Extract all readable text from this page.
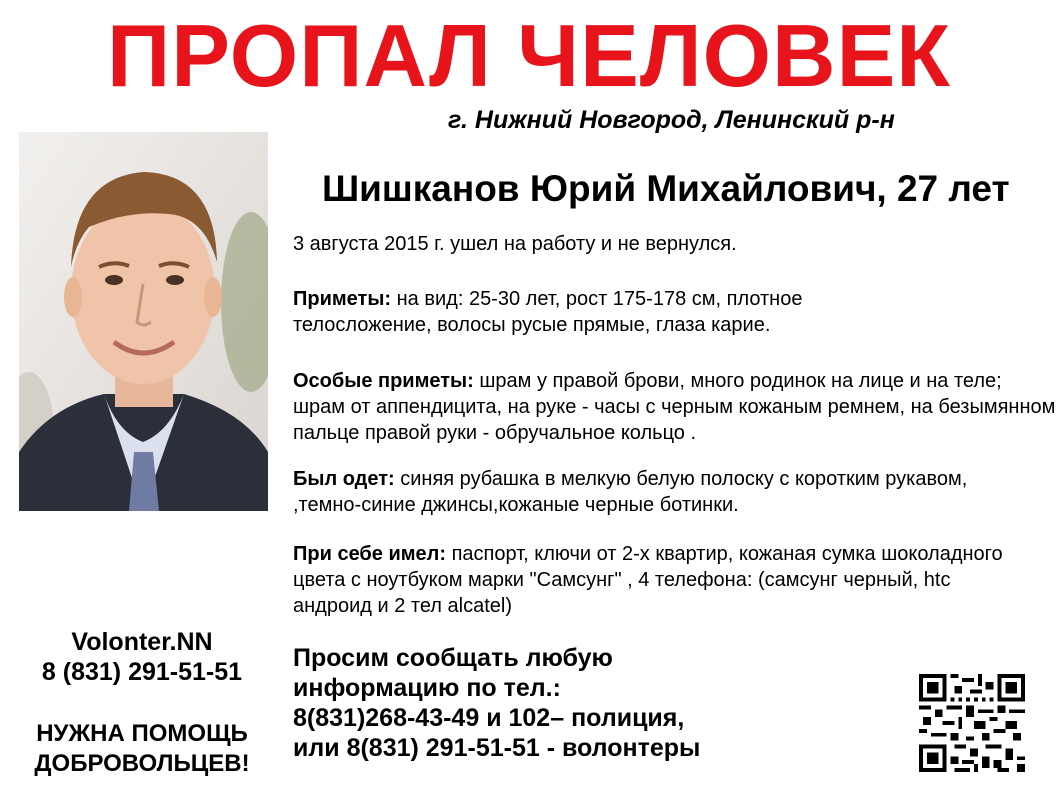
ПРОПАЛ ЧЕЛОВЕК
г. Нижний Новгород, Ленинский р-н
Шишканов Юрий Михайлович, 27 лет
3 августа 2015 г. ушел на работу и не вернулся.
Приметы: на вид: 25-30 лет, рост 175-178 см, плотное телосложение, волосы русые прямые, глаза карие.
Особые приметы: шрам у правой брови, много родинок на лице и на теле; шрам от аппендицита, на руке - часы с черным кожаным ремнем, на безымянном пальце правой руки - обручальное кольцо .
Был одет: синяя рубашка в мелкую белую полоску с коротким рукавом, ,темно-синие джинсы,кожаные черные ботинки.
При себе имел: паспорт, ключи от 2-х квартир, кожаная сумка шоколадного цвета с ноутбуком марки "Самсунг" , 4 телефона: (самсунг черный, htc андроид и 2 тел alcatel)
Просим сообщать любую
информацию по тел.:
8(831)268-43-49 и 102– полиция,
или 8(831) 291-51-51 - волонтеры
Volonter.NN
8 (831) 291-51-51
НУЖНА ПОМОЩЬ
ДОБРОВОЛЬЦЕВ!
